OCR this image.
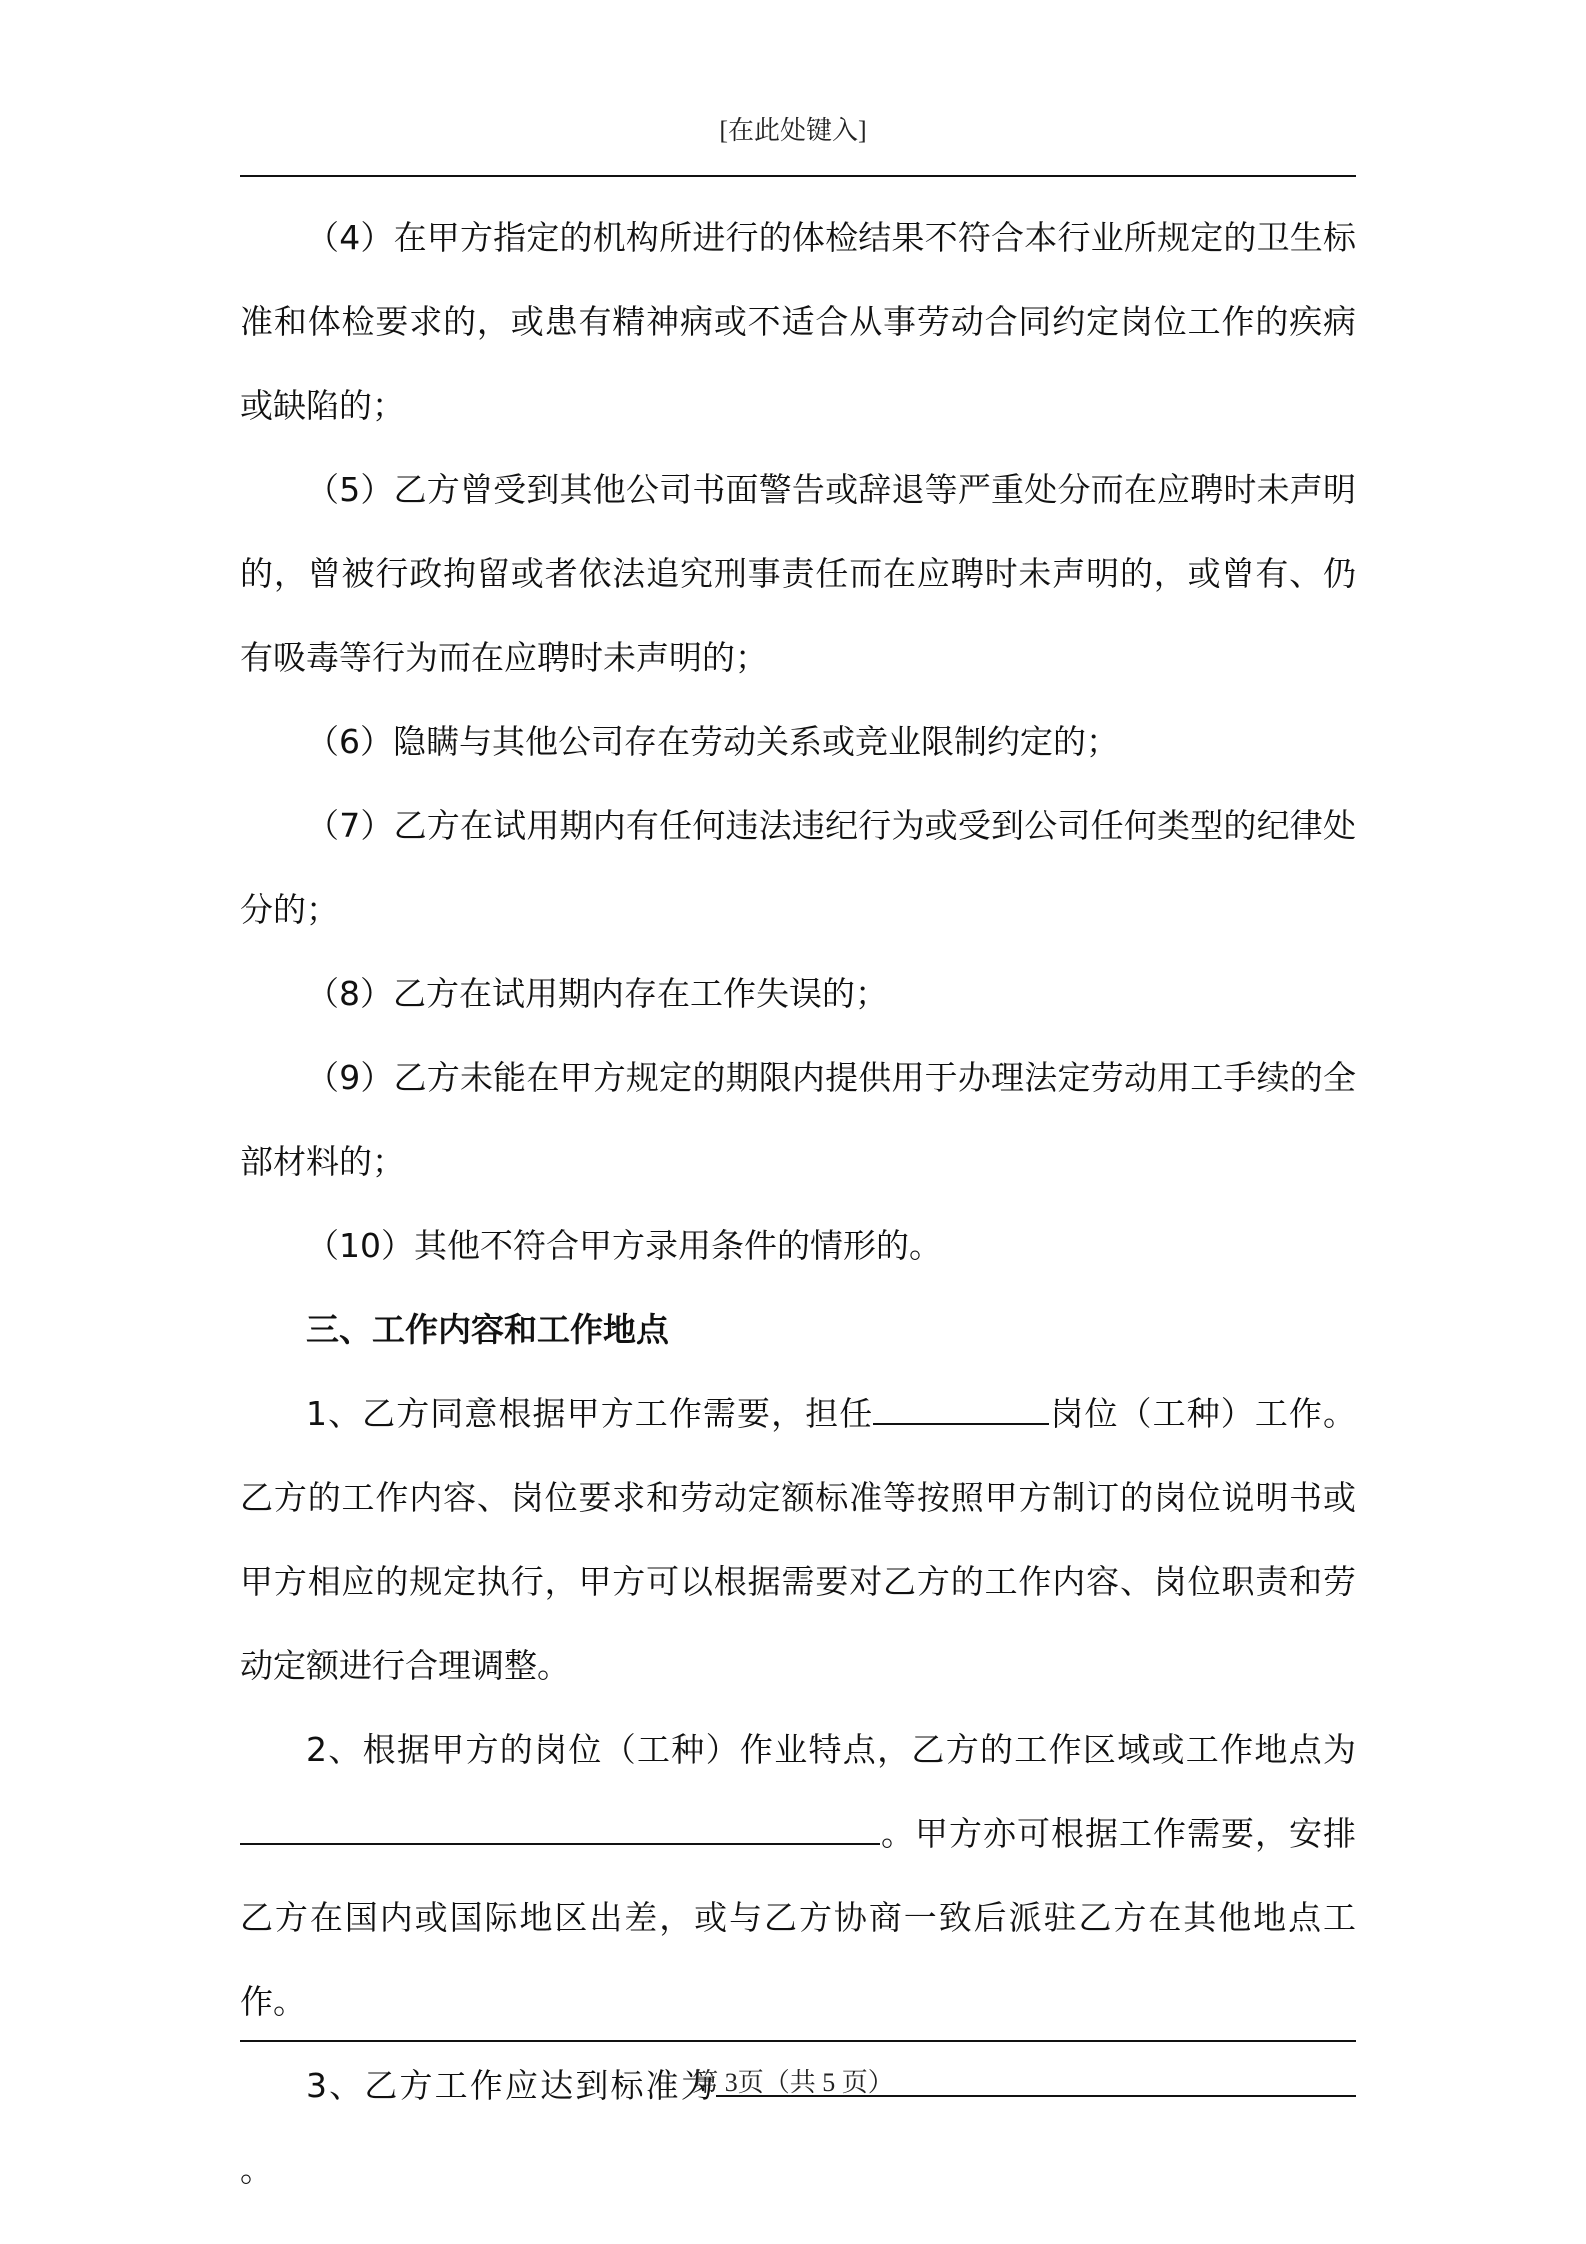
[在此处键入]

（4）在甲方指定的机构所进行的体检结果不符合本行业所规定的卫生标准和体检要求的，或患有精神病或不适合从事劳动合同约定岗位工作的疾病或缺陷的；

（5）乙方曾受到其他公司书面警告或辞退等严重处分而在应聘时未声明的，曾被行政拘留或者依法追究刑事责任而在应聘时未声明的，或曾有、仍有吸毒等行为而在应聘时未声明的；

（6）隐瞒与其他公司存在劳动关系或竞业限制约定的；

（7）乙方在试用期内有任何违法违纪行为或受到公司任何类型的纪律处分的；

（8）乙方在试用期内存在工作失误的；

（9）乙方未能在甲方规定的期限内提供用于办理法定劳动用工手续的全部材料的；

（10）其他不符合甲方录用条件的情形的。

三、工作内容和工作地点

1、乙方同意根据甲方工作需要，担任	岗位（工种）工作。乙方的工作内容、岗位要求和劳动定额标准等按照甲方制订的岗位说明书或甲方相应的规定执行，甲方可以根据需要对乙方的工作内容、岗位职责和劳动定额进行合理调整。

2、根据甲方的岗位（工种）作业特点，乙方的工作区域或工作地点为。甲方亦可根据工作需要，安排乙方在国内或国际地区出差，或与乙方协商一致后派驻乙方在其他地点工作。

3、乙方工作应达到标准为。

第 3页（共 5 页）
